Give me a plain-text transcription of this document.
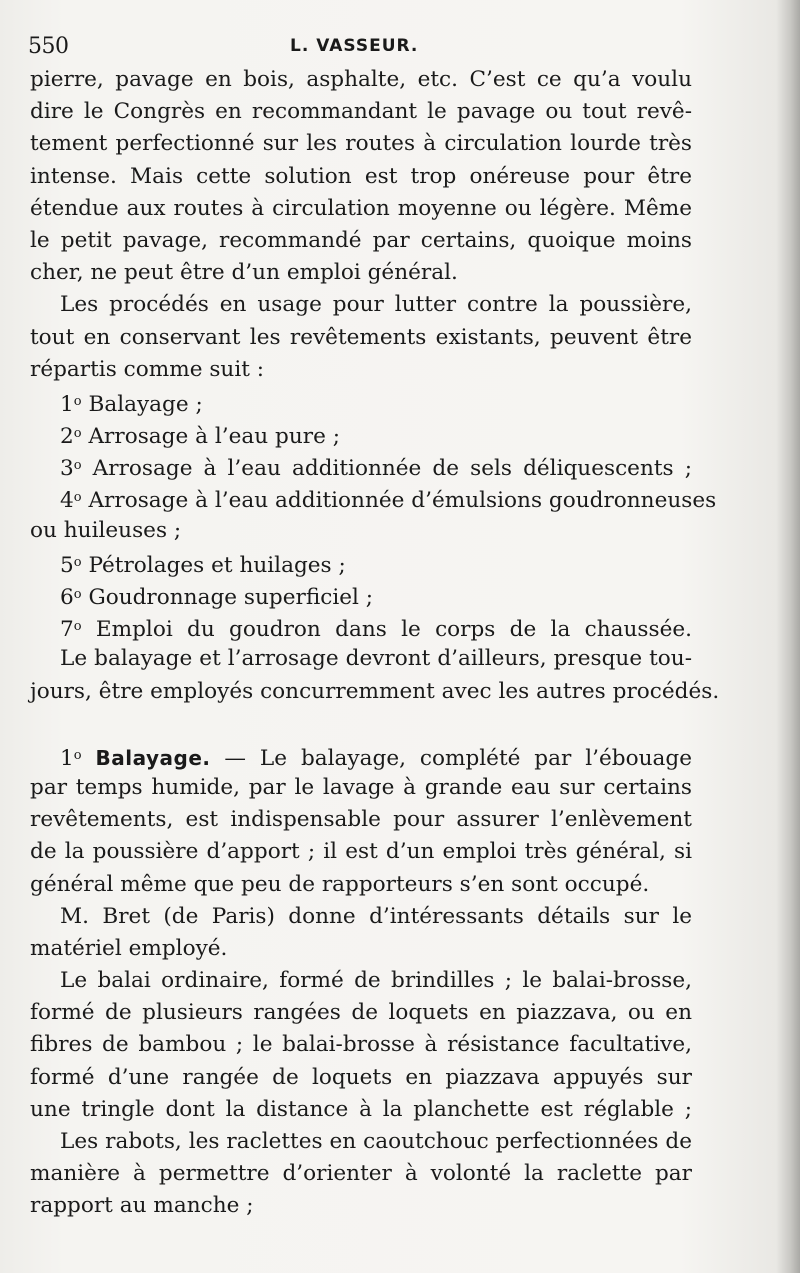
550	L. VASSEUR.
pierre, pavage en bois, asphalte, etc. C’est ce qu’a voulu
dire le Congrès en recommandant le pavage ou tout revê-
tement perfectionné sur les routes à circulation lourde très
intense. Mais cette solution est trop onéreuse pour être
étendue aux routes à circulation moyenne ou légère. Même
le petit pavage, recommandé par certains, quoique moins
cher, ne peut être d’un emploi général.
Les procédés en usage pour lutter contre la poussière,
tout en conservant les revêtements existants, peuvent être
répartis comme suit :
1$^o$ Balayage ;
2$^o$ Arrosage à l’eau pure ;
3$^o$ Arrosage à l’eau additionnée de sels déliquescents ;
4$^o$ Arrosage à l’eau additionnée d’émulsions goudronneuses
ou huileuses ;
5$^o$ Pétrolages et huilages ;
6$^o$ Goudronnage superficiel ;
7$^o$ Emploi du goudron dans le corps de la chaussée.
Le balayage et l’arrosage devront d’ailleurs, presque tou-
jours, être employés concurremment avec les autres procédés.
1$^o$ Balayage. — Le balayage, complété par l’ébouage
par temps humide, par le lavage à grande eau sur certains
revêtements, est indispensable pour assurer l’enlèvement
de la poussière d’apport ; il est d’un emploi très général, si
général même que peu de rapporteurs s’en sont occupé.
M. Bret (de Paris) donne d’intéressants détails sur le
matériel employé.
Le balai ordinaire, formé de brindilles ; le balai-brosse,
formé de plusieurs rangées de loquets en piazzava, ou en
fibres de bambou ; le balai-brosse à résistance facultative,
formé d’une rangée de loquets en piazzava appuyés sur
une tringle dont la distance à la planchette est réglable ;
Les rabots, les raclettes en caoutchouc perfectionnées de
manière à permettre d’orienter à volonté la raclette par
rapport au manche ;
